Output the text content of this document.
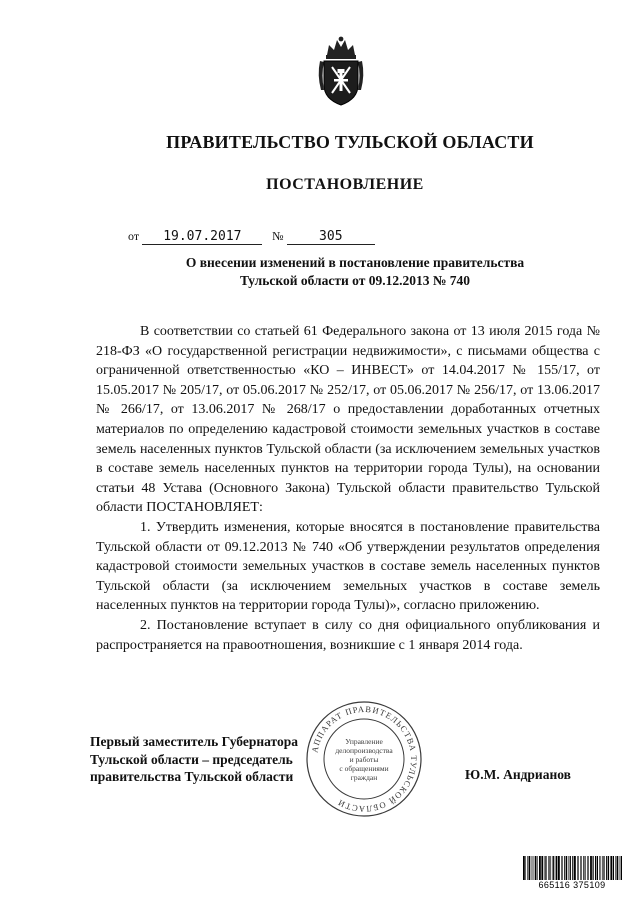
ПРАВИТЕЛЬСТВО ТУЛЬСКОЙ ОБЛАСТИ
ПОСТАНОВЛЕНИЕ
от 19.07.2017	№	305
О внесении изменений в постановление правительства
Тульской области от 09.12.2013 № 740

В соответствии со статьей 61 Федерального закона от 13 июля 2015 года № 218-ФЗ «О государственной регистрации недвижимости», с письмами общества с ограниченной ответственностью «КО – ИНВЕСТ» от 14.04.2017 № 155/17, от 15.05.2017 № 205/17, от 05.06.2017 № 252/17, от 05.06.2017 № 256/17, от 13.06.2017 № 266/17, от 13.06.2017 № 268/17 о предоставлении доработанных отчетных материалов по определению кадастровой стоимости земельных участков в составе земель населенных пунктов Тульской области (за исключением земельных участков в составе земель населенных пунктов на территории города Тулы), на основании статьи 48 Устава (Основного Закона) Тульской области правительство Тульской области ПОСТАНОВЛЯЕТ:

1. Утвердить изменения, которые вносятся в постановление правительства Тульской области от 09.12.2013 № 740 «Об утверждении результатов определения кадастровой стоимости земельных участков в составе земель населенных пунктов Тульской области (за исключением земельных участков в составе земель населенных пунктов на территории города Тулы)», согласно приложению.

2. Постановление вступает в силу со дня официального опубликования и распространяется на правоотношения, возникшие с 1 января 2014 года.

Первый заместитель Губернатора
Тульской области – председатель
правительства Тульской области	Ю.М. Андрианов
АППАРАТ ПРАВИТЕЛЬСТВА ТУЛЬСКОЙ ОБЛАСТИ
Управление
делопроизводства
и работы
с обращениями
граждан
665116 375109
